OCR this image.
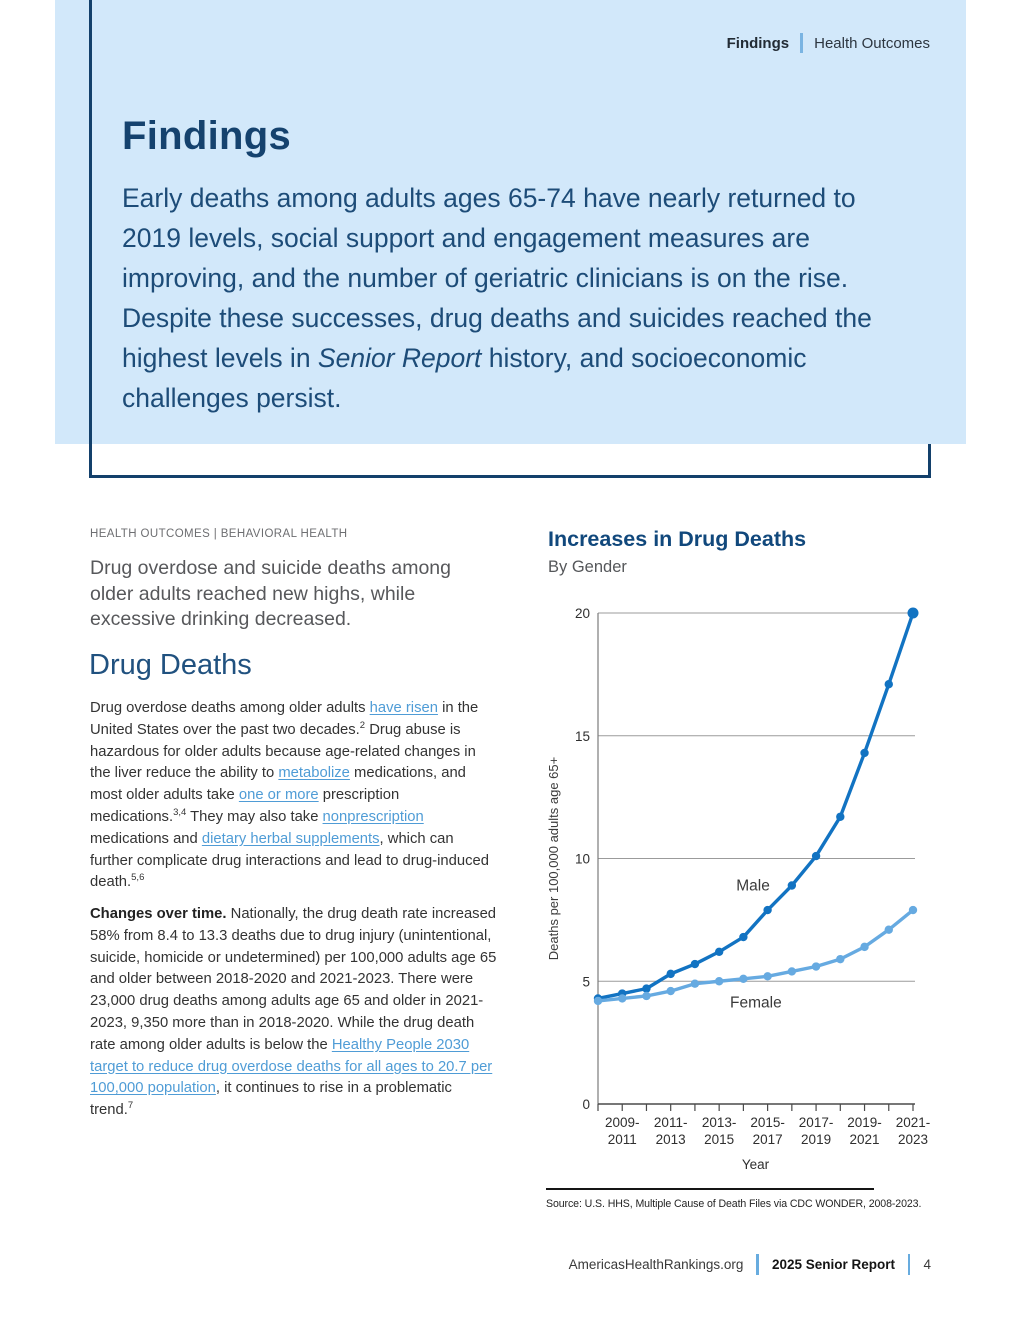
Findings Health Outcomes
Findings

Early deaths among adults ages 65-74 have nearly returned to 2019 levels, social support and engagement measures are improving, and the number of geriatric clinicians is on the rise. Despite these successes, drug deaths and suicides reached the highest levels in Senior Report history, and socioeconomic challenges persist.

HEALTH OUTCOMES | BEHAVIORAL HEALTH

Drug overdose and suicide deaths among older adults reached new highs, while excessive drinking decreased.

Drug Deaths

Drug overdose deaths among older adults have risen in the United States over the past two decades.$^2$ Drug abuse is hazardous for older adults because age-related changes in the liver reduce the ability to metabolize medications, and most older adults take one or more prescription medications.$^{3,4}$ They may also take nonprescription medications and dietary herbal supplements, which can further complicate drug interactions and lead to drug-induced death.$^{5,6}$

Changes over time. Nationally, the drug death rate increased 58% from 8.4 to 13.3 deaths due to drug injury (unintentional, suicide, homicide or undetermined) per 100,000 adults age 65 and older between 2018-2020 and 2021-2023. There were 23,000 drug deaths among adults age 65 and older in 2021-2023, 9,350 more than in 2018-2020. While the drug death rate among older adults is below the Healthy People 2030 target to reduce drug overdose deaths for all ages to 20.7 per 100,000 population, it continues to rise in a problematic trend.$^7$

Increases in Drug Deaths
By Gender
0
5
10
15
20
2009-
2011
2011-
2013
2013-
2015
2015-
2017
2017-
2019
2019-
2021
2021-
2023
Year
Deaths per 100,000 adults age 65+	Male
Female
Source: U.S. HHS, Multiple Cause of Death Files via CDC WONDER, 2008-2023.
AmericasHealthRankings.org 2025 Senior Report 4
